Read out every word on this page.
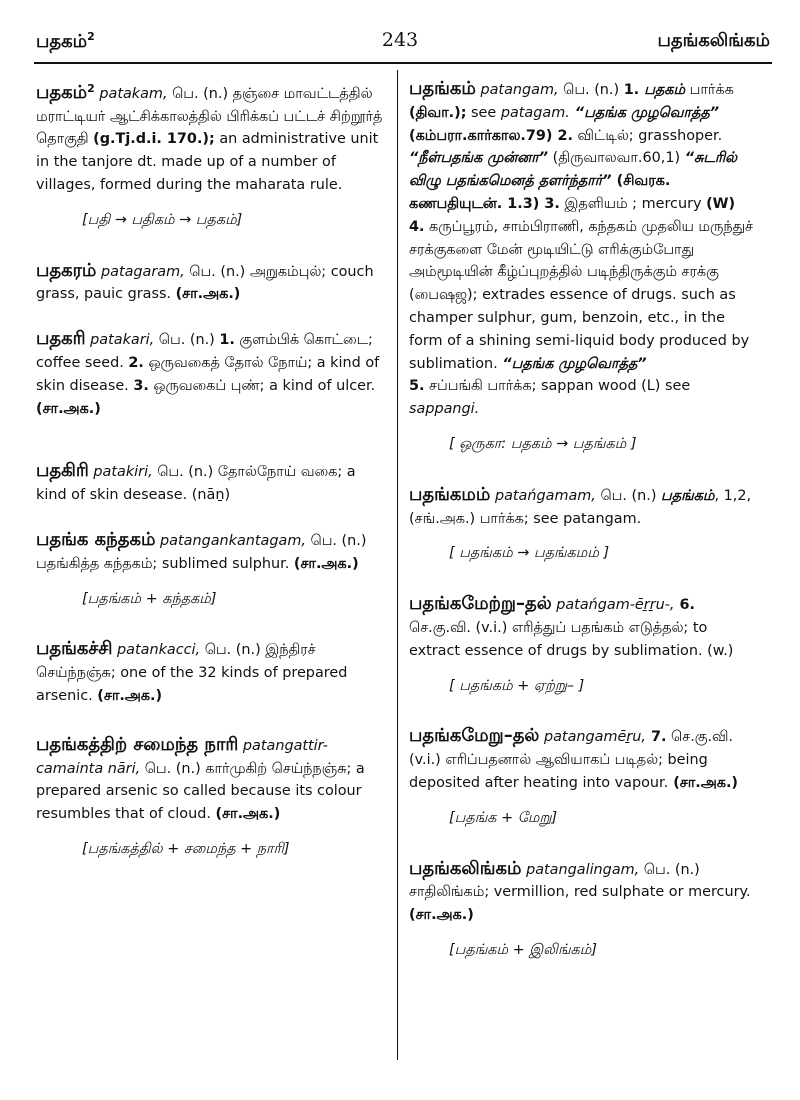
பதகம்$^2$	243	பதங்கலிங்கம்
பதகம்$^2$ patakam, பெ. (n.) தஞ்சை மாவட்டத்தில் மராட்டியர் ஆட்சிக்காலத்தில் பிரிக்கப் பட்டச் சிற்றூர்த் தொகுதி (g.Tj.d.i. 170.); an administrative unit in the tanjore dt. made up of a number of villages, formed during the maharata rule.
[பதி → பதிகம் → பதகம்]
பதகரம் patagaram, பெ. (n.) அறுகம்புல்; couch grass, pauic grass. (சா.அக.)
பதகரி patakari, பெ. (n.) 1. குளம்பிக் கொட்டை; coffee seed. 2. ஒருவகைத் தோல் நோய்; a kind of skin disease. 3. ஒருவகைப் புண்; a kind of ulcer. (சா.அக.)
பதகிரி patakiri, பெ. (n.) தோல்நோய் வகை; a kind of skin desease. (nāṉ)
பதங்க கந்தகம் patangankantagam, பெ. (n.) பதங்கித்த கந்தகம்; sublimed sulphur. (சா.அக.)
[பதங்கம் + கந்தகம்]
பதங்கச்சி patankacci, பெ. (n.) இந்திரச் செய்ந்நஞ்சு; one of the 32 kinds of prepared arsenic. (சா.அக.)
பதங்கத்திற் சமைந்த நாரி patangattir-camainta nāri, பெ. (n.) கார்முகிற் செய்ந்நஞ்சு; a prepared arsenic so called because its colour resumbles that of cloud. (சா.அக.)
[பதங்கத்தில் + சமைந்த + நாரி]
பதங்கம் patangam, பெ. (n.) 1. பதகம் பார்க்க (திவா.); see patagam. “பதங்க முழவொத்த” (கம்பரா.கார்கால.79) 2. விட்டில்; grasshoper. “நீள்பதங்க முன்னா” (திருவாலவா.60,1) “சுடரில் விழு பதங்கமெனத் தளர்ந்தார்” (சிவரக. கணபதியுடன். 1.3) 3. இதளியம் ; mercury (W) 4. கருப்பூரம், சாம்பிராணி, கந்தகம் முதலிய மருந்துச் சரக்குகளை மேன் மூடியிட்டு எரிக்கும்போது அம்மூடியின் கீழ்ப்புறத்தில் படிந்திருக்கும் சரக்கு (பைஷஜ); extrades essence of drugs. such as champer sulphur, gum, benzoin, etc., in the form of a shining semi-liquid body produced by sublimation. “பதங்க முழவொத்த”
5. சப்பங்கி பார்க்க; sappan wood (L) see sappangi.
[ ஒருகா: பதகம் → பதங்கம் ]
பதங்கமம் patańgamam, பெ. (n.) பதங்கம், 1,2, (சங்.அக.) பார்க்க; see patangam.
[ பதங்கம் → பதங்கமம் ]
பதங்கமேற்று–தல் patańgam-ēṟṟu-, 6. செ.கு.வி. (v.i.) எரித்துப் பதங்கம் எடுத்தல்; to extract essence of drugs by sublimation. (w.)
[ பதங்கம் + ஏற்று– ]
பதங்கமேறு–தல் patangamēṟu, 7. செ.கு.வி. (v.i.) எரிப்பதனால் ஆவியாகப் படிதல்; being deposited after heating into vapour. (சா.அக.)
[பதங்க + மேறு]
பதங்கலிங்கம் patangalingam, பெ. (n.) சாதிலிங்கம்; vermillion, red sulphate or mercury. (சா.அக.)
[பதங்கம் + இலிங்கம்]
